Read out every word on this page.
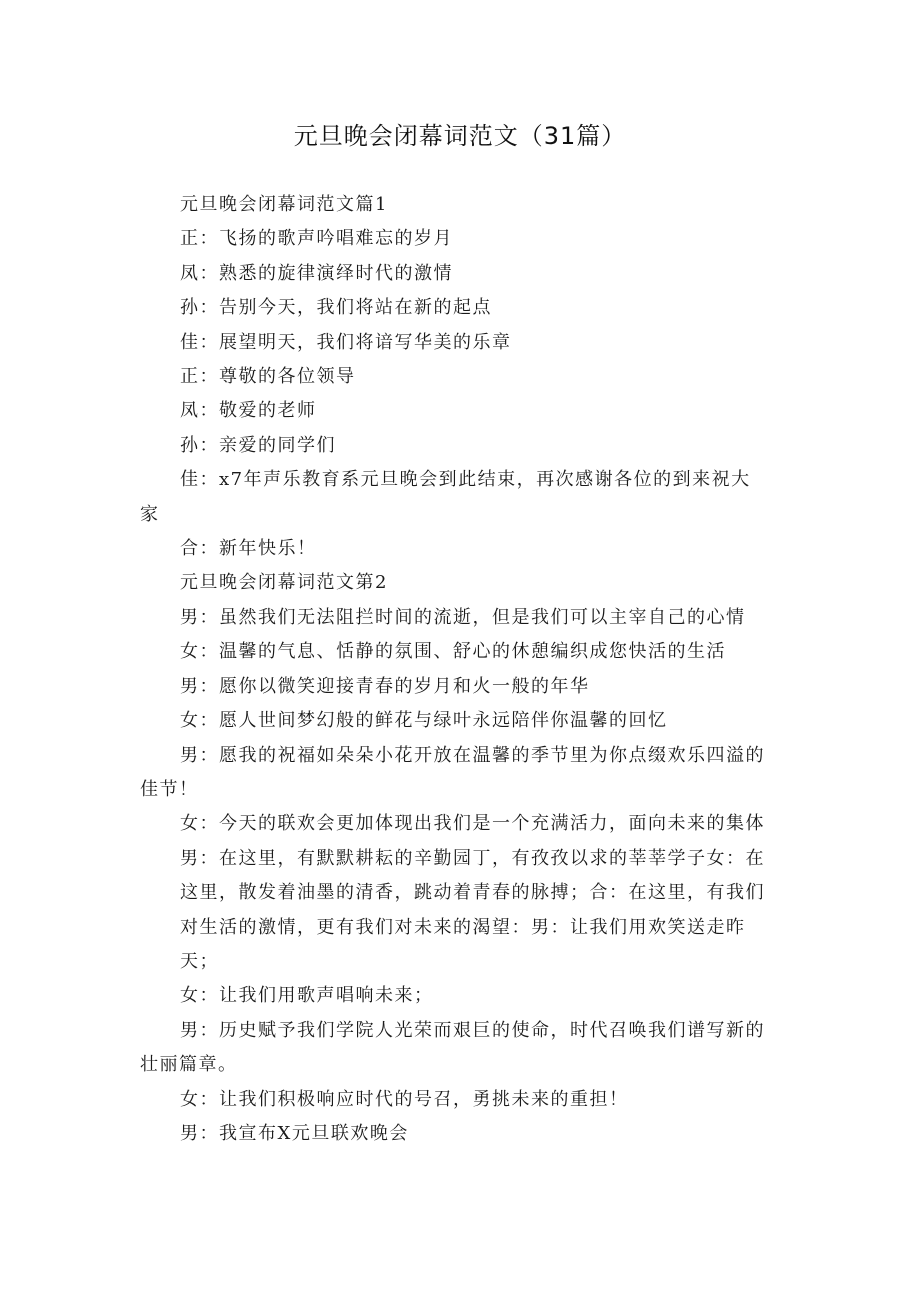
元旦晚会闭幕词范文（31篇）

元旦晚会闭幕词范文篇1

正：飞扬的歌声吟唱难忘的岁月

凤：熟悉的旋律演绎时代的激情

孙：告别今天，我们将站在新的起点

佳：展望明天，我们将谙写华美的乐章

正：尊敬的各位领导

凤：敬爱的老师

孙：亲爱的同学们

佳：x7年声乐教育系元旦晚会到此结束，再次感谢各位的到来祝大家

合：新年快乐！

元旦晚会闭幕词范文第2

男：虽然我们无法阻拦时间的流逝，但是我们可以主宰自己的心情

女：温馨的气息、恬静的氛围、舒心的休憩编织成您快活的生活

男：愿你以微笑迎接青春的岁月和火一般的年华

女：愿人世间梦幻般的鲜花与绿叶永远陪伴你温馨的回忆

男：愿我的祝福如朵朵小花开放在温馨的季节里为你点缀欢乐四溢的佳节！

女：今天的联欢会更加体现出我们是一个充满活力，面向未来的集体

男：在这里，有默默耕耘的辛勤园丁，有孜孜以求的莘莘学子女：在这里，散发着油墨的清香，跳动着青春的脉搏；合：在这里，有我们对生活的激情，更有我们对未来的渴望：男：让我们用欢笑送走昨天；

女：让我们用歌声唱响未来；

男：历史赋予我们学院人光荣而艰巨的使命，时代召唤我们谱写新的壮丽篇章。

女：让我们积极响应时代的号召，勇挑未来的重担！

男：我宣布X元旦联欢晚会
